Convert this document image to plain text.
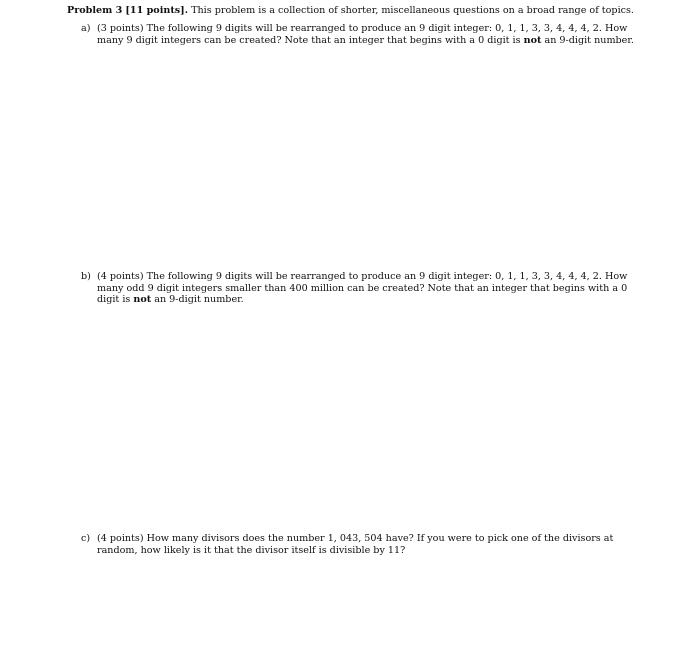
Problem 3 [11 points]. This problem is a collection of shorter, miscellaneous questions on a broad range of topics.
a) (3 points) The following 9 digits will be rearranged to produce an 9 digit integer: 0, 1, 1, 3, 3, 4, 4, 4, 2. How many 9 digit integers can be created? Note that an integer that begins with a 0 digit is not an 9-digit number.
b) (4 points) The following 9 digits will be rearranged to produce an 9 digit integer: 0, 1, 1, 3, 3, 4, 4, 4, 2. How many odd 9 digit integers smaller than 400 million can be created? Note that an integer that begins with a 0 digit is not an 9-digit number.
c) (4 points) How many divisors does the number 1, 043, 504 have? If you were to pick one of the divisors at random, how likely is it that the divisor itself is divisible by 11?
